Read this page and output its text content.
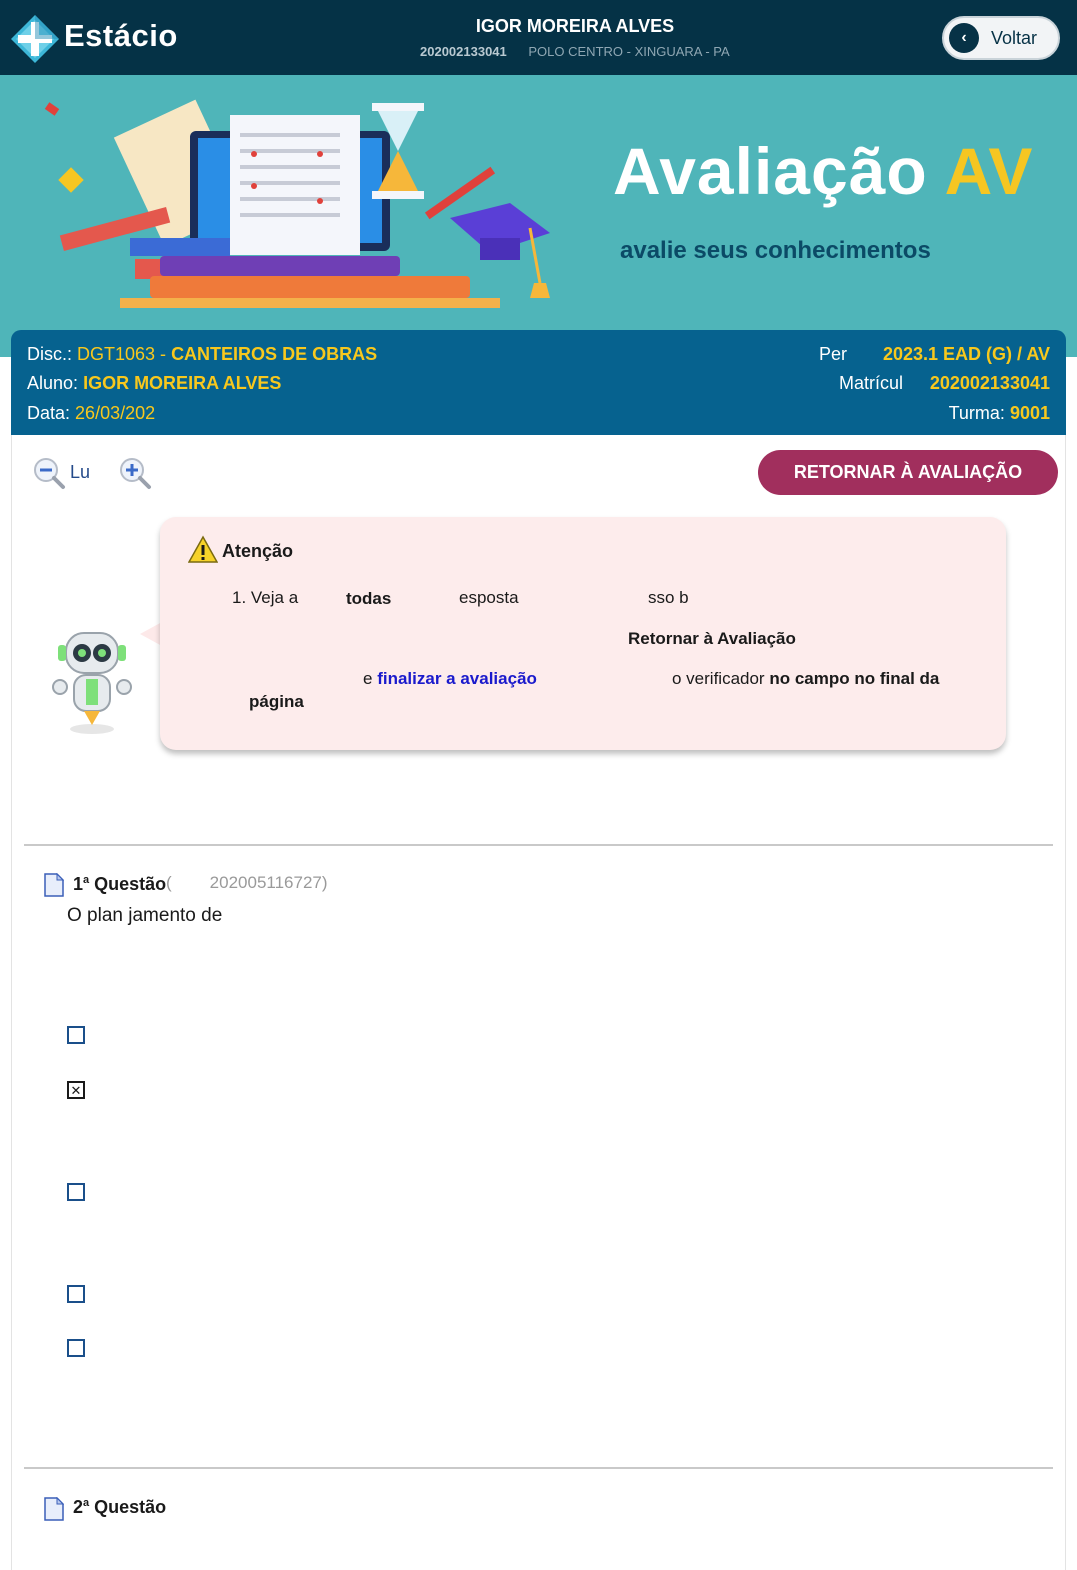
Estácio	IGOR MOREIRA ALVES
202002133041 POLO CENTRO - XINGUARA - PA
‹	Voltar
Avaliação AV
avalie seus conhecimentos
Disc.: DGT1063 - CANTEIROS DE OBRAS
Aluno: IGOR MOREIRA ALVES
Data: 26/03/202
Per 2023.1 EAD (G) / AV
Matrícul 202002133041
Turma: 9001
Lu	RETORNAR À AVALIAÇÃO
Atenção
1. Veja a	todas	esposta	sso b
Retornar à Avaliação
e finalizar a avaliação	o verificador no campo no final da
página
1$^a$ Questão ( 202005116727)
O plan jamento de
✕
2$^a$ Questão
